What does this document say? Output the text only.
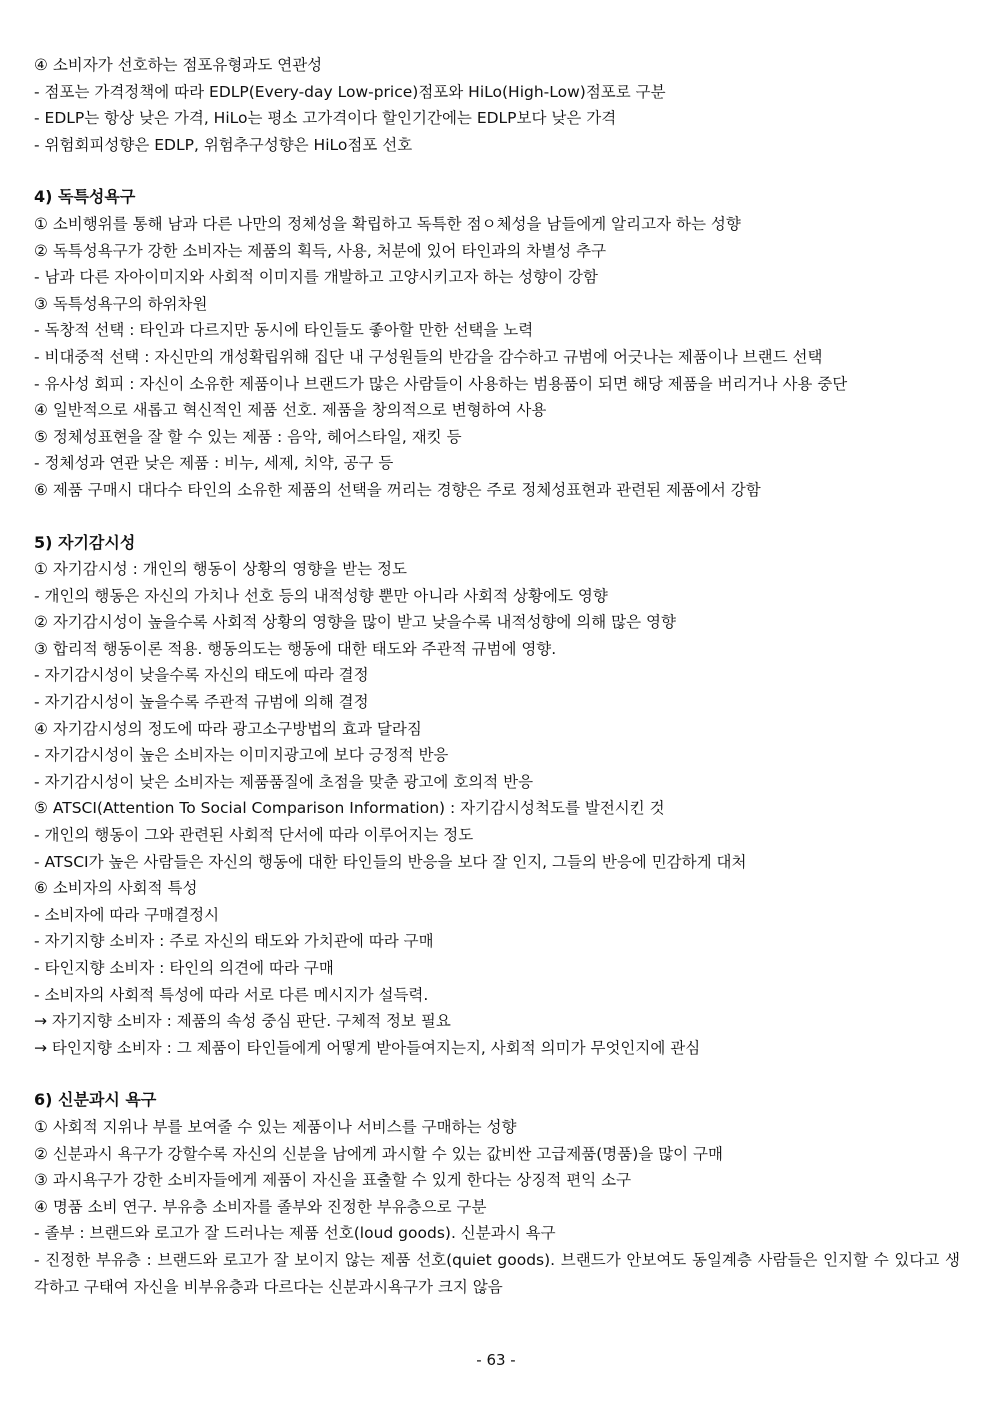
④ 소비자가 선호하는 점포유형과도 연관성
- 점포는 가격정책에 따라 EDLP(Every-day Low-price)점포와 HiLo(High-Low)점포로 구분
- EDLP는 항상 낮은 가격, HiLo는 평소 고가격이다 할인기간에는 EDLP보다 낮은 가격
- 위험회피성향은 EDLP, 위험추구성향은 HiLo점포 선호
4) 독특성욕구
① 소비행위를 통해 남과 다른 나만의 정체성을 확립하고 독특한 점ㅇ체성을 남들에게 알리고자 하는 성향
② 독특성욕구가 강한 소비자는 제품의 획득, 사용, 처분에 있어 타인과의 차별성 추구
- 남과 다른 자아이미지와 사회적 이미지를 개발하고 고양시키고자 하는 성향이 강함
③ 독특성욕구의 하위차원
- 독창적 선택 : 타인과 다르지만 동시에 타인들도 좋아할 만한 선택을 노력
- 비대중적 선택 : 자신만의 개성확립위해 집단 내 구성원들의 반감을 감수하고 규범에 어긋나는 제품이나 브랜드 선택
- 유사성 회피 : 자신이 소유한 제품이나 브랜드가 많은 사람들이 사용하는 범용품이 되면 해당 제품을 버리거나 사용 중단
④ 일반적으로 새롭고 혁신적인 제품 선호. 제품을 창의적으로 변형하여 사용
⑤ 정체성표현을 잘 할 수 있는 제품 : 음악, 헤어스타일, 재킷 등
- 정체성과 연관 낮은 제품 : 비누, 세제, 치약, 공구 등
⑥ 제품 구매시 대다수 타인의 소유한 제품의 선택을 꺼리는 경향은 주로 정체성표현과 관련된 제품에서 강함
5) 자기감시성
① 자기감시성 : 개인의 행동이 상황의 영향을 받는 정도
- 개인의 행동은 자신의 가치나 선호 등의 내적성향 뿐만 아니라 사회적 상황에도 영향
② 자기감시성이 높을수록 사회적 상황의 영향을 많이 받고 낮을수록 내적성향에 의해 많은 영향
③ 합리적 행동이론 적용. 행동의도는 행동에 대한 태도와 주관적 규범에 영향.
- 자기감시성이 낮을수록 자신의 태도에 따라 결정
- 자기감시성이 높을수록 주관적 규범에 의해 결정
④ 자기감시성의 정도에 따라 광고소구방법의 효과 달라짐
- 자기감시성이 높은 소비자는 이미지광고에 보다 긍정적 반응
- 자기감시성이 낮은 소비자는 제품품질에 초점을 맞춘 광고에 호의적 반응
⑤ ATSCI(Attention To Social Comparison Information) : 자기감시성척도를 발전시킨 것
- 개인의 행동이 그와 관련된 사회적 단서에 따라 이루어지는 정도
- ATSCI가 높은 사람들은 자신의 행동에 대한 타인들의 반응을 보다 잘 인지, 그들의 반응에 민감하게 대처
⑥ 소비자의 사회적 특성
- 소비자에 따라 구매결정시
- 자기지향 소비자 : 주로 자신의 태도와 가치관에 따라 구매
- 타인지향 소비자 : 타인의 의견에 따라 구매
- 소비자의 사회적 특성에 따라 서로 다른 메시지가 설득력.
→ 자기지향 소비자 : 제품의 속성 중심 판단. 구체적 정보 필요
→ 타인지향 소비자 : 그 제품이 타인들에게 어떻게 받아들여지는지, 사회적 의미가 무엇인지에 관심
6) 신분과시 욕구
① 사회적 지위나 부를 보여줄 수 있는 제품이나 서비스를 구매하는 성향
② 신분과시 욕구가 강할수록 자신의 신분을 남에게 과시할 수 있는 값비싼 고급제품(명품)을 많이 구매
③ 과시욕구가 강한 소비자들에게 제품이 자신을 표출할 수 있게 한다는 상징적 편익 소구
④ 명품 소비 연구. 부유층 소비자를 졸부와 진정한 부유층으로 구분
- 졸부 : 브랜드와 로고가 잘 드러나는 제품 선호(loud goods). 신분과시 욕구
- 진정한 부유층 : 브랜드와 로고가 잘 보이지 않는 제품 선호(quiet goods). 브랜드가 안보여도 동일계층 사람들은 인지할 수 있다고 생각하고 구태여 자신을 비부유층과 다르다는 신분과시욕구가 크지 않음
- 63 -
